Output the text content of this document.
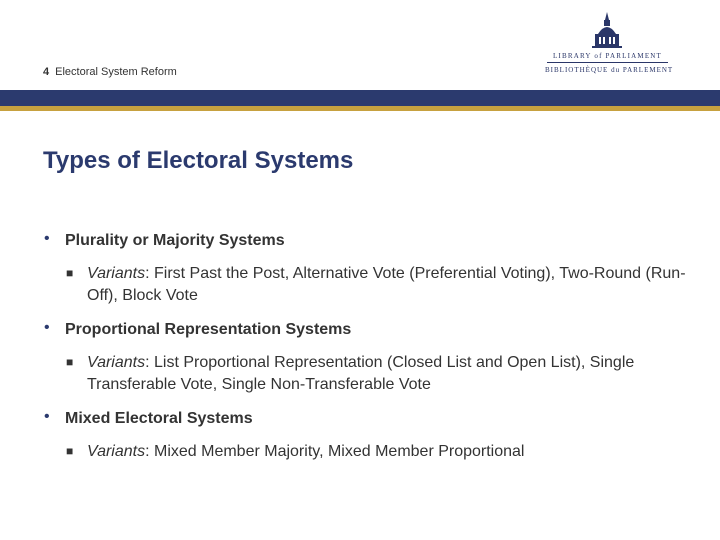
4 Electoral System Reform
LIBRARY of PARLIAMENT
BIBLIOTHÈQUE du PARLEMENT
Types of Electoral Systems
• Plurality or Majority Systems
■ Variants: First Past the Post, Alternative Vote (Preferential Voting), Two-Round (Run-Off), Block Vote
• Proportional Representation Systems
■ Variants: List Proportional Representation (Closed List and Open List), Single Transferable Vote, Single Non-Transferable Vote
• Mixed Electoral Systems
■ Variants: Mixed Member Majority, Mixed Member Proportional
